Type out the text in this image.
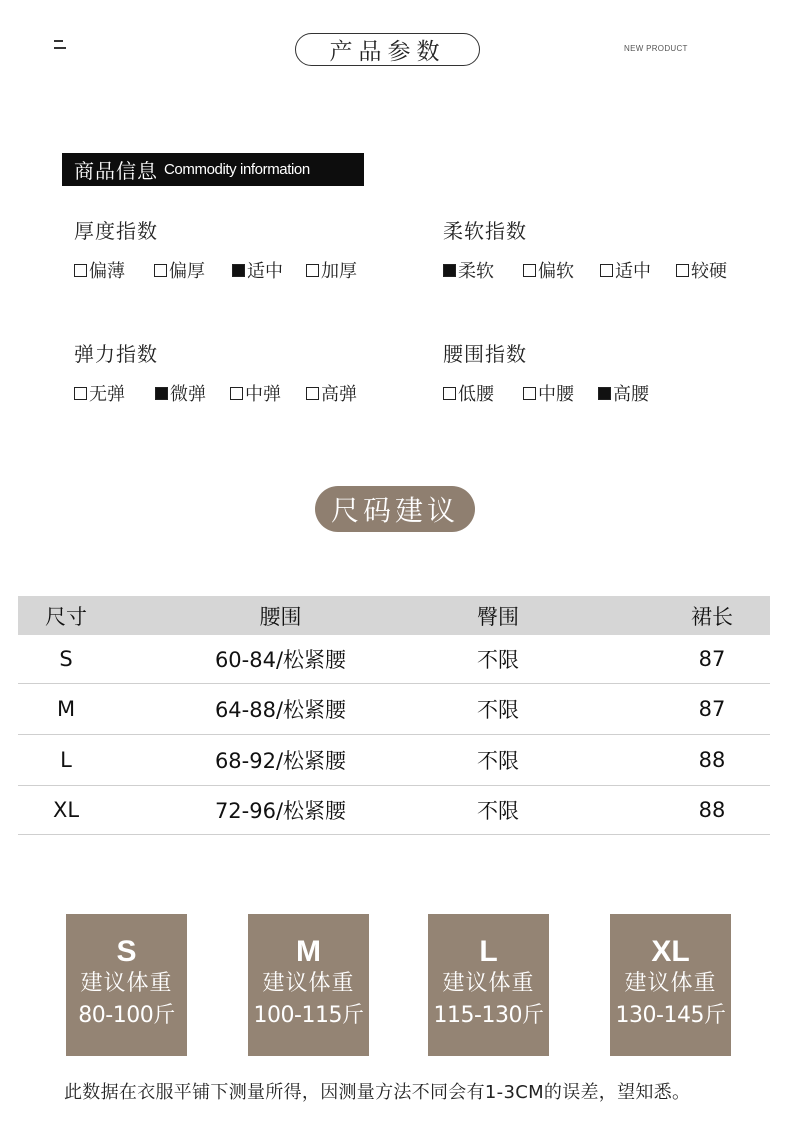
产品参数	NEW PRODUCT
商品信息 Commodity information
厚度指数
偏薄 偏厚 适中 加厚
柔软指数
柔软 偏软 适中 较硬
弹力指数
无弹	微弹 中弹 高弹
腰围指数
低腰 中腰 高腰
尺码建议
尺寸	腰围	臀围	裙长
S	60-84/松紧腰	不限	87
M	64-88/松紧腰	不限	87
L	68-92/松紧腰	不限	88
XL	72-96/松紧腰	不限	88
S
建议体重
80-100斤
M
建议体重
100-115斤
L
建议体重
115-130斤
XL
建议体重
130-145斤
此数据在衣服平铺下测量所得，因测量方法不同会有1-3CM的误差，望知悉。
